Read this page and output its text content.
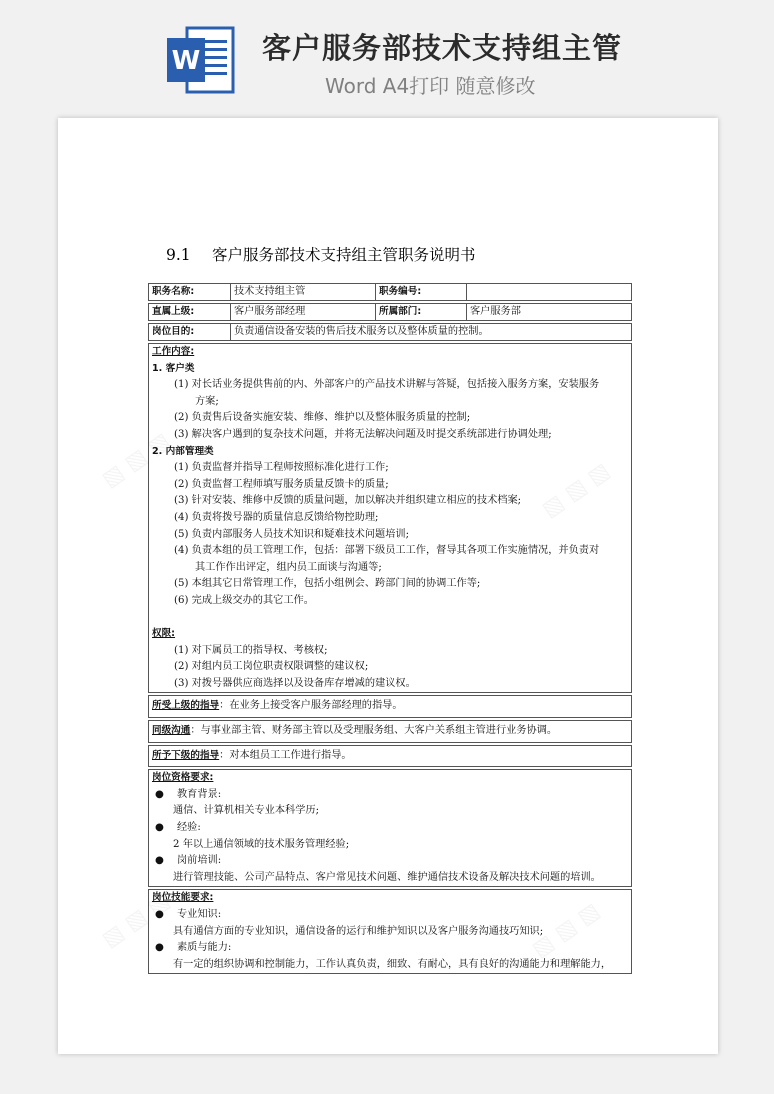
W 客户服务部技术支持组主管
Word A4打印 随意修改
9.1 客户服务部技术支持组主管职务说明书
职务名称:	技术支持组主管	职务编号:
直属上级:	客户服务部经理	所属部门:	客户服务部
岗位目的:	负责通信设备安装的售后技术服务以及整体质量的控制。
工作内容:
1. 客户类
(1) 对长话业务提供售前的内、外部客户的产品技术讲解与答疑，包括接入服务方案，安装服务
方案;
(2) 负责售后设备实施安装、维修、维护以及整体服务质量的控制;
(3) 解决客户遇到的复杂技术问题，并将无法解决问题及时提交系统部进行协调处理;
2. 内部管理类
(1) 负责监督并指导工程师按照标准化进行工作;
(2) 负责监督工程师填写服务质量反馈卡的质量;
(3) 针对安装、维修中反馈的质量问题，加以解决并组织建立相应的技术档案;
(4) 负责将拨号器的质量信息反馈给物控助理;
(5) 负责内部服务人员技术知识和疑难技术问题培训;
(4) 负责本组的员工管理工作，包括：部署下级员工工作，督导其各项工作实施情况，并负责对
其工作作出评定，组内员工面谈与沟通等;
(5) 本组其它日常管理工作，包括小组例会、跨部门间的协调工作等;
(6) 完成上级交办的其它工作。
权限:
(1) 对下属员工的指导权、考核权;
(2) 对组内员工岗位职责权限调整的建议权;
(3) 对拨号器供应商选择以及设备库存增减的建议权。
所受上级的指导：在业务上接受客户服务部经理的指导。
同级沟通：与事业部主管、财务部主管以及受理服务组、大客户关系组主管进行业务协调。
所予下级的指导：对本组员工工作进行指导。
岗位资格要求:
● 教育背景:
通信、计算机相关专业本科学历;
● 经验:
2 年以上通信领域的技术服务管理经验;
● 岗前培训:
进行管理技能、公司产品特点、客户常见技术问题、维护通信技术设备及解决技术问题的培训。
岗位技能要求:
● 专业知识:
具有通信方面的专业知识，通信设备的运行和维护知识以及客户服务沟通技巧知识;
● 素质与能力:
有一定的组织协调和控制能力，工作认真负责，细致、有耐心，具有良好的沟通能力和理解能力，
